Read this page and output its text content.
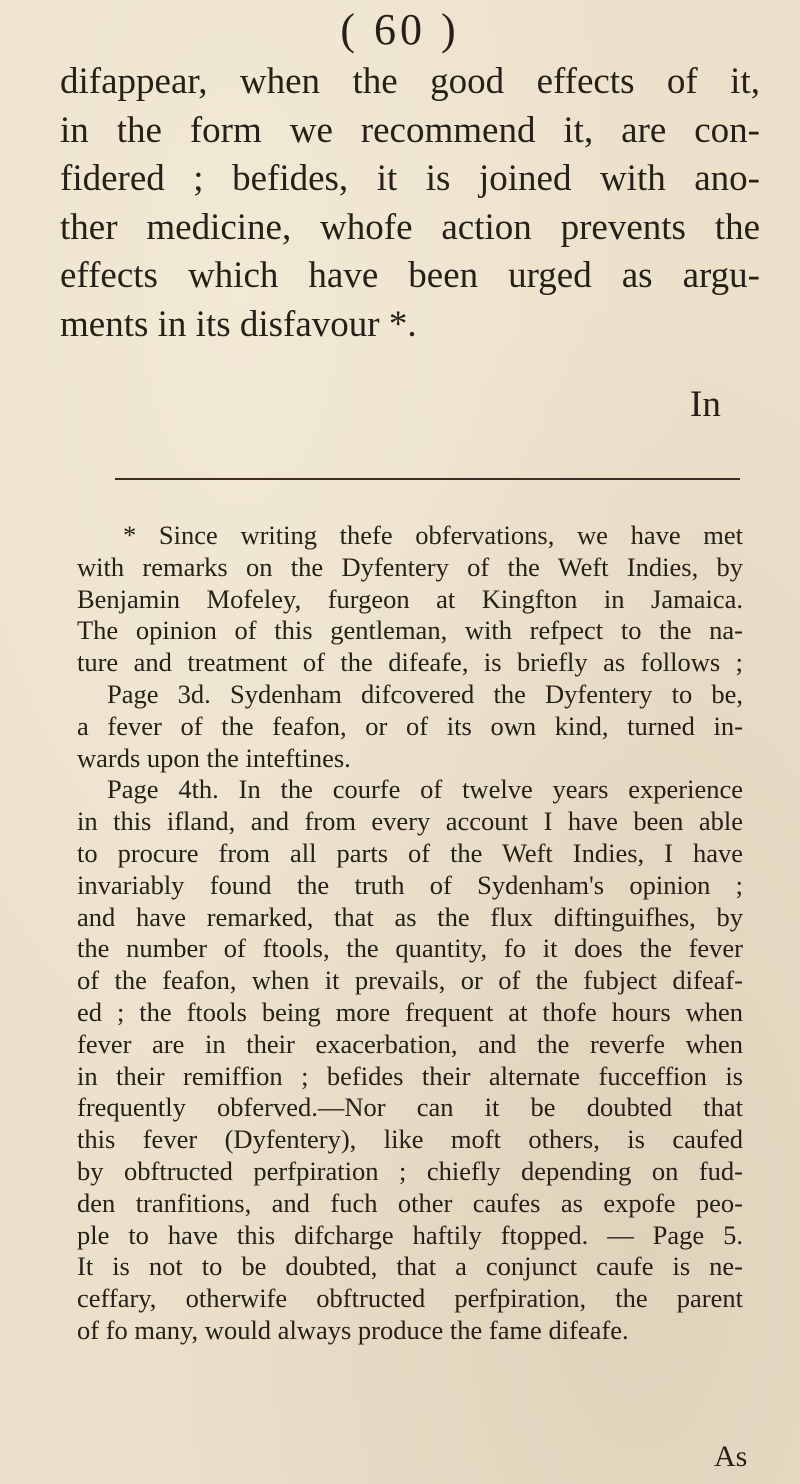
( 60 )
difappear, when the good effects of it,
in the form we recommend it, are con-
fidered ; befides, it is joined with ano-
ther medicine, whofe action prevents the
effects which have been urged as argu-
ments in its disfavour *.
In
* Since writing thefe obfervations, we have met
with remarks on the Dyfentery of the Weft Indies, by
Benjamin Mofeley, furgeon at Kingfton in Jamaica.
The opinion of this gentleman, with refpect to the na-
ture and treatment of the difeafe, is briefly as follows ;
Page 3d. Sydenham difcovered the Dyfentery to be,
a fever of the feafon, or of its own kind, turned in-
wards upon the inteftines.
Page 4th. In the courfe of twelve years experience
in this ifland, and from every account I have been able
to procure from all parts of the Weft Indies, I have
invariably found the truth of Sydenham's opinion ;
and have remarked, that as the flux diftinguifhes, by
the number of ftools, the quantity, fo it does the fever
of the feafon, when it prevails, or of the fubject difeaf-
ed ; the ftools being more frequent at thofe hours when
fever are in their exacerbation, and the reverfe when
in their remiffion ; befides their alternate fucceffion is
frequently obferved.—Nor can it be doubted that
this fever (Dyfentery), like moft others, is caufed
by obftructed perfpiration ; chiefly depending on fud-
den tranfitions, and fuch other caufes as expofe peo-
ple to have this difcharge haftily ftopped. — Page 5.
It is not to be doubted, that a conjunct caufe is ne-
ceffary, otherwife obftructed perfpiration, the parent
of fo many, would always produce the fame difeafe.
As
